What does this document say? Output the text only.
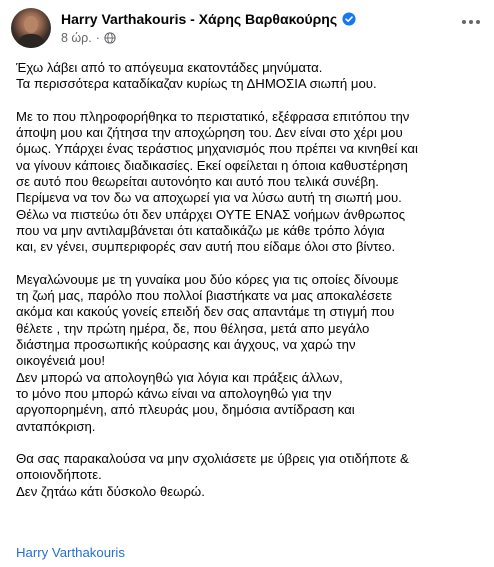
Harry Varthakouris - Χάρης Βαρθακούρης
8 ώρ. ·
Έχω λάβει από το απόγευμα εκατοντάδες μηνύματα.
Τα περισσότερα καταδίκαζαν κυρίως τη ΔΗΜΟΣΙΑ σιωπή μου.
Με το που πληροφορήθηκα το περιστατικό, εξέφρασα επιτόπου την
άποψη μου και ζήτησα την αποχώρηση του. Δεν είναι στο χέρι μου
όμως. Υπάρχει ένας τεράστιος μηχανισμός που πρέπει να κινηθεί και
να γίνουν κάποιες διαδικασίες. Εκεί οφείλεται η όποια καθυστέρηση
σε αυτό που θεωρείται αυτονόητο και αυτό που τελικά συνέβη.
Περίμενα να τον δω να αποχωρεί για να λύσω αυτή τη σιωπή μου.
Θέλω να πιστεύω ότι δεν υπάρχει ΟΥΤΕ ΕΝΑΣ νοήμων άνθρωπος
που να μην αντιλαμβάνεται ότι καταδικάζω με κάθε τρόπο λόγια
και, εν γένει, συμπεριφορές σαν αυτή που είδαμε όλοι στο βίντεο.
Μεγαλώνουμε με τη γυναίκα μου δύο κόρες για τις οποίες δίνουμε
τη ζωή μας, παρόλο που πολλοί βιαστήκατε να μας αποκαλέσετε
ακόμα και κακούς γονείς επειδή δεν σας απαντάμε τη στιγμή που
θέλετε , την πρώτη ημέρα, δε, που θέλησα, μετά απο μεγάλο
διάστημα προσωπικής κούρασης και άγχους, να χαρώ την
οικογένειά μου!
Δεν μπορώ να απολογηθώ για λόγια και πράξεις άλλων,
το μόνο που μπορώ κάνω είναι να απολογηθώ για την
αργοπορημένη, από πλευράς μου, δημόσια αντίδραση και
ανταπόκριση.
Θα σας παρακαλούσα να μην σχολιάσετε με ύβρεις για οτιδήποτε &
οποιονδήποτε.
Δεν ζητάω κάτι δύσκολο θεωρώ.
Harry Varthakouris
